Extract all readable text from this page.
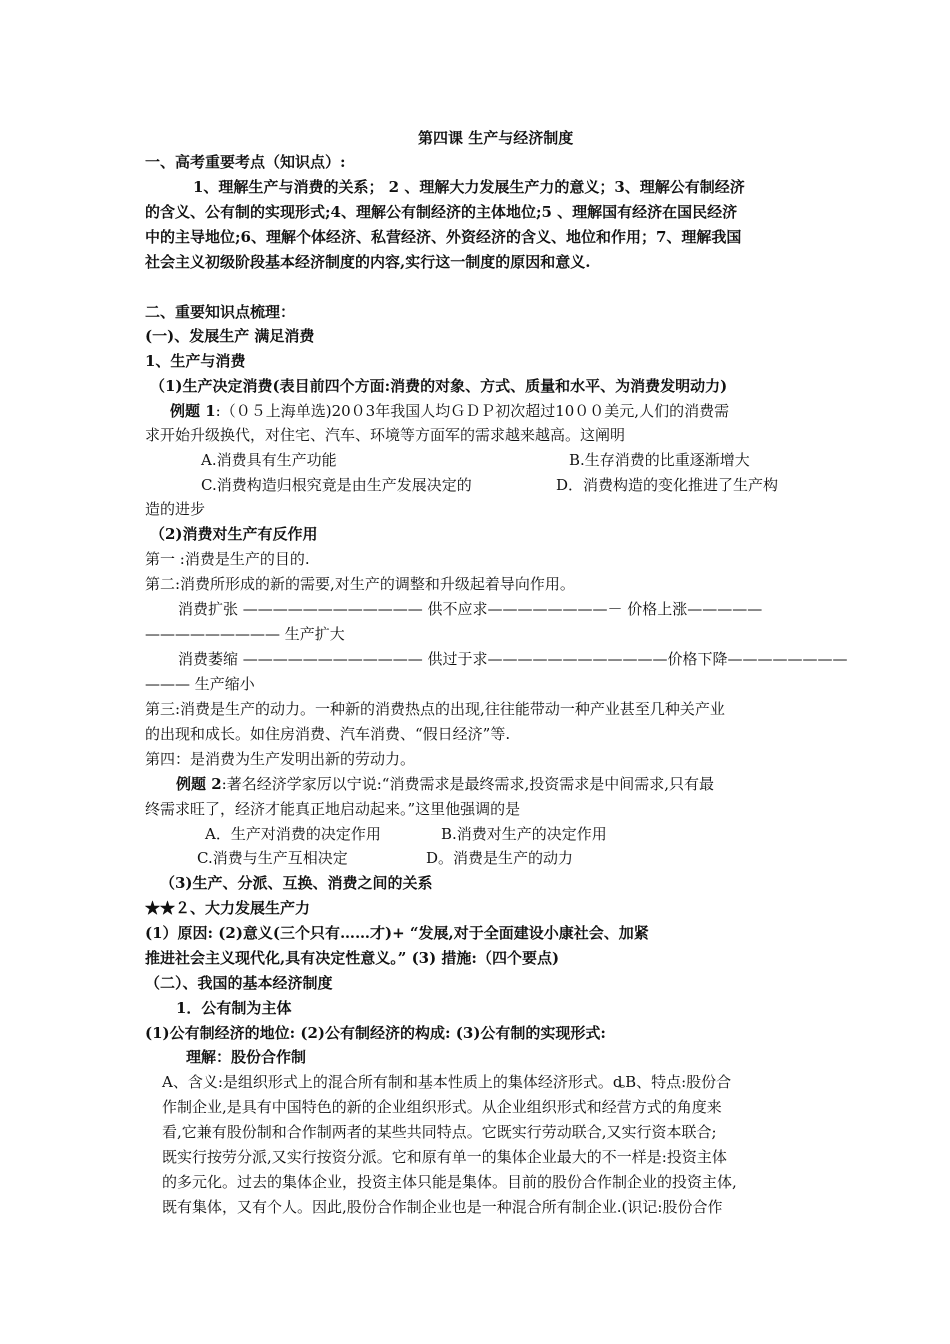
第四课 生产与经济制度
一、高考重要考点（知识点）:
1、理解生产与消费的关系； 2 、理解大力发展生产力的意义；3、理解公有制经济
的含义、公有制的实现形式;4、理解公有制经济的主体地位;5 、理解国有经济在国民经济
中的主导地位;6、理解个体经济、私营经济、外资经济的含义、地位和作用；7、理解我国
社会主义初级阶段基本经济制度的内容,实行这一制度的原因和意义.
二、重要知识点梳理：
(一)、发展生产 满足消费
1、生产与消费
（1)生产决定消费(表目前四个方面:消费的对象、方式、质量和水平、为消费发明动力)
例题 1:（０５上海单选)20０3年我国人均ＧＤＰ初次超过10００美元,人们的消费需
求开始升级换代，对住宅、汽车、环境等方面军的需求越来越高。这阐明
A.消费具有生产功能	B.生存消费的比重逐渐增大
C.消费构造归根究竟是由生产发展决定的	D．消费构造的变化推进了生产构
造的进步
（2)消费对生产有反作用
第一 :消费是生产的目的.
第二:消费所形成的新的需要,对生产的调整和升级起着导向作用。
消费扩张 ———————————— 供不应求————————－ 价格上涨—————
————————— 生产扩大
消费萎缩 ———————————— 供过于求————————————价格下降————————
——— 生产缩小
第三:消费是生产的动力。一种新的消费热点的出现,往往能带动一种产业甚至几种关产业
的出现和成长。如住房消费、汽车消费、“假日经济”等.
第四：是消费为生产发明出新的劳动力。
例题 2:著名经济学家厉以宁说:“消费需求是最终需求,投资需求是中间需求,只有最
终需求旺了，经济才能真正地启动起来。”这里他强调的是
A．生产对消费的决定作用	B.消费对生产的决定作用
C.消费与生产互相决定	D。消费是生产的动力
（3)生产、分派、互换、消费之间的关系
★★２、大力发展生产力
(1）原因: (2)意义(三个只有……才)+ “发展,对于全面建设小康社会、加紧
推进社会主义现代化,具有决定性意义。” (3) 措施:（四个要点)
（二）、我国的基本经济制度
1．公有制为主体
(1)公有制经济的地位: (2)公有制经济的构成: (3)公有制的实现形式:
理解：股份合作制
A、含义:是组织形式上的混合所有制和基本性质上的集体经济形式。ȡB、特点:股份合
作制企业,是具有中国特色的新的企业组织形式。从企业组织形式和经营方式的角度来
看,它兼有股份制和合作制两者的某些共同特点。它既实行劳动联合,又实行资本联合;
既实行按劳分派,又实行按资分派。它和原有单一的集体企业最大的不一样是:投资主体
的多元化。过去的集体企业，投资主体只能是集体。目前的股份合作制企业的投资主体,
既有集体，又有个人。因此,股份合作制企业也是一种混合所有制企业.(识记:股份合作
